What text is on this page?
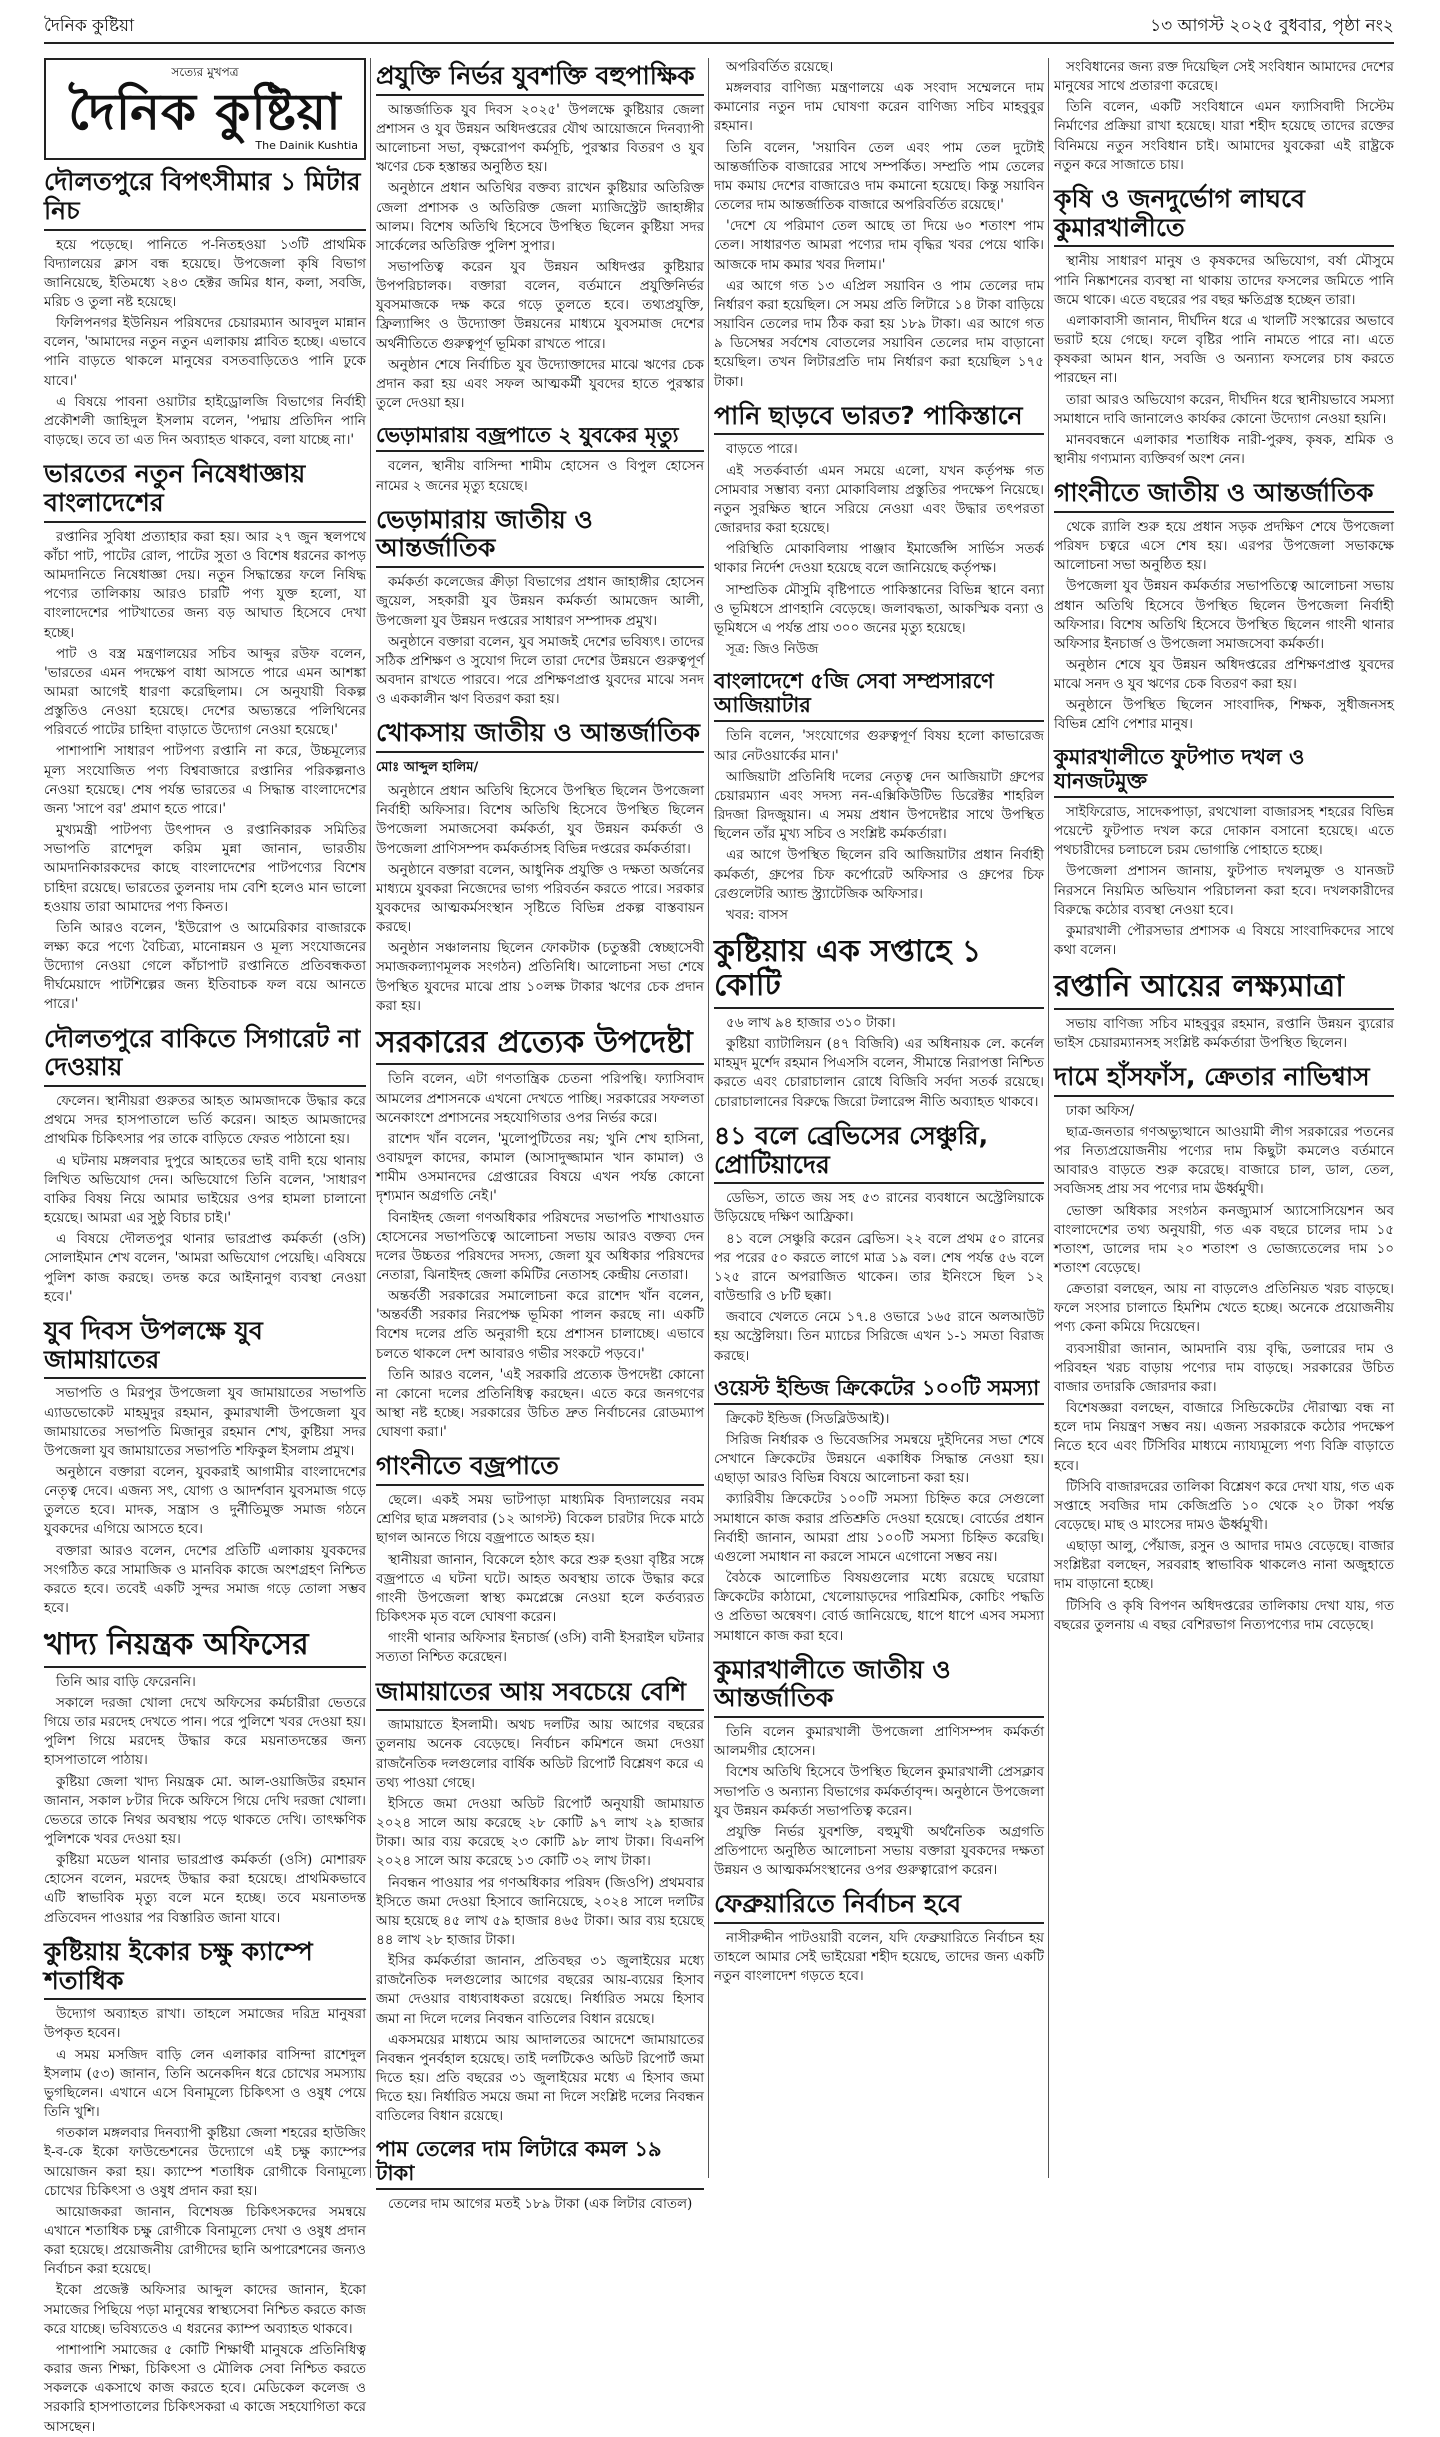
দৈনিক কুষ্টিয়া	১৩ আগস্ট ২০২৫ বুধবার, পৃষ্ঠা নং২
সত্যের মুখপত্র
দৈনিক কুষ্টিয়া
The Dainik Kushtia
দৌলতপুরে বিপৎসীমার ১ মিটার নিচ

হয়ে পড়েছে। পানিতে প-নিতহওয়া ১৩টি প্রাথমিক বিদ্যালয়ের ক্লাস বন্ধ হয়েছে। উপজেলা কৃষি বিভাগ জানিয়েছে, ইতিমধ্যে ২৪৩ হেক্টর জমির ধান, কলা, সবজি, মরিচ ও তুলা নষ্ট হয়েছে।

ফিলিপনগর ইউনিয়ন পরিষদের চেয়ারম্যান আবদুল মান্নান বলেন, 'আমাদের নতুন নতুন এলাকায় প্লাবিত হচ্ছে। এভাবে পানি বাড়তে থাকলে মানুষের বসতবাড়িতেও পানি ঢুকে যাবে।'

এ বিষয়ে পাবনা ওয়াটার হাইড্রোলজি বিভাগের নির্বাহী প্রকৌশলী জাহিদুল ইসলাম বলেন, 'পদ্মায় প্রতিদিন পানি বাড়ছে। তবে তা এত দিন অব্যাহত থাকবে, বলা যাচ্ছে না।'

ভারতের নতুন নিষেধাজ্ঞায় বাংলাদেশের

রপ্তানির সুবিধা প্রত্যাহার করা হয়। আর ২৭ জুন স্থলপথে কাঁচা পাট, পাটের রোল, পাটের সুতা ও বিশেষ ধরনের কাপড় আমদানিতে নিষেধাজ্ঞা দেয়। নতুন সিদ্ধান্তের ফলে নিষিদ্ধ পণ্যের তালিকায় আরও চারটি পণ্য যুক্ত হলো, যা বাংলাদেশের পাটখাতের জন্য বড় আঘাত হিসেবে দেখা হচ্ছে।

পাট ও বস্ত্র মন্ত্রণালয়ের সচিব আব্দুর রউফ বলেন, 'ভারতের এমন পদক্ষেপ বাধা আসতে পারে এমন আশঙ্কা আমরা আগেই ধারণা করেছিলাম। সে অনুযায়ী বিকল্প প্রস্তুতিও নেওয়া হয়েছে। দেশের অভ্যন্তরে পলিথিনের পরিবর্তে পাটের চাহিদা বাড়াতে উদ্যোগ নেওয়া হয়েছে।'

পাশাপাশি সাধারণ পাটপণ্য রপ্তানি না করে, উচ্চমূল্যের মূল্য সংযোজিত পণ্য বিশ্ববাজারে রপ্তানির পরিকল্পনাও নেওয়া হয়েছে। শেষ পর্যন্ত ভারতের এ সিদ্ধান্ত বাংলাদেশের জন্য 'সাপে বর' প্রমাণ হতে পারে।'

মুখ্যমন্ত্রী পাটপণ্য উৎপাদন ও রপ্তানিকারক সমিতির সভাপতি রাশেদুল করিম মুন্না জানান, ভারতীয় আমদানিকারকদের কাছে বাংলাদেশের পাটপণ্যের বিশেষ চাহিদা রয়েছে। ভারতের তুলনায় দাম বেশি হলেও মান ভালো হওয়ায় তারা আমাদের পণ্য কিনত।

তিনি আরও বলেন, 'ইউরোপ ও আমেরিকার বাজারকে লক্ষ্য করে পণ্যে বৈচিত্র্য, মানোন্নয়ন ও মূল্য সংযোজনের উদ্যোগ নেওয়া গেলে কাঁচাপাট রপ্তানিতে প্রতিবন্ধকতা দীর্ঘমেয়াদে পাটশিল্পের জন্য ইতিবাচক ফল বয়ে আনতে পারে।'

দৌলতপুরে বাকিতে সিগারেট না দেওয়ায়

ফেলেন। স্থানীয়রা গুরুতর আহত আমজাদকে উদ্ধার করে প্রথমে সদর হাসপাতালে ভর্তি করেন। আহত আমজাদের প্রাথমিক চিকিৎসার পর তাকে বাড়িতে ফেরত পাঠানো হয়।

এ ঘটনায় মঙ্গলবার দুপুরে আহতের ভাই বাদী হয়ে থানায় লিখিত অভিযোগ দেন। অভিযোগে তিনি বলেন, 'সাধারণ বাকির বিষয় নিয়ে আমার ভাইয়ের ওপর হামলা চালানো হয়েছে। আমরা এর সুষ্ঠু বিচার চাই।'

এ বিষয়ে দৌলতপুর থানার ভারপ্রাপ্ত কর্মকর্তা (ওসি) সোলাইমান শেখ বলেন, 'আমরা অভিযোগ পেয়েছি। এবিষয়ে পুলিশ কাজ করছে। তদন্ত করে আইনানুগ ব্যবস্থা নেওয়া হবে।'

যুব দিবস উপলক্ষে যুব জামায়াতের

সভাপতি ও মিরপুর উপজেলা যুব জামায়াতের সভাপতি এ্যাডভোকেট মাহমুদুর রহমান, কুমারখালী উপজেলা যুব জামায়াতের সভাপতি মিজানুর রহমান শেখ, কুষ্টিয়া সদর উপজেলা যুব জামায়াতের সভাপতি শফিকুল ইসলাম প্রমুখ।

অনুষ্ঠানে বক্তারা বলেন, যুবকরাই আগামীর বাংলাদেশের নেতৃত্ব দেবে। এজন্য সৎ, যোগ্য ও আদর্শবান যুবসমাজ গড়ে তুলতে হবে। মাদক, সন্ত্রাস ও দুর্নীতিমুক্ত সমাজ গঠনে যুবকদের এগিয়ে আসতে হবে।

বক্তারা আরও বলেন, দেশের প্রতিটি এলাকায় যুবকদের সংগঠিত করে সামাজিক ও মানবিক কাজে অংশগ্রহণ নিশ্চিত করতে হবে। তবেই একটি সুন্দর সমাজ গড়ে তোলা সম্ভব হবে।

খাদ্য নিয়ন্ত্রক অফিসের

তিনি আর বাড়ি ফেরেননি।

সকালে দরজা খোলা দেখে অফিসের কর্মচারীরা ভেতরে গিয়ে তার মরদেহ দেখতে পান। পরে পুলিশে খবর দেওয়া হয়। পুলিশ গিয়ে মরদেহ উদ্ধার করে ময়নাতদন্তের জন্য হাসপাতালে পাঠায়।

কুষ্টিয়া জেলা খাদ্য নিয়ন্ত্রক মো. আল-ওয়াজিউর রহমান জানান, সকাল ৮টার দিকে অফিসে গিয়ে দেখি দরজা খোলা। ভেতরে তাকে নিথর অবস্থায় পড়ে থাকতে দেখি। তাৎক্ষণিক পুলিশকে খবর দেওয়া হয়।

কুষ্টিয়া মডেল থানার ভারপ্রাপ্ত কর্মকর্তা (ওসি) মোশারফ হোসেন বলেন, মরদেহ উদ্ধার করা হয়েছে। প্রাথমিকভাবে এটি স্বাভাবিক মৃত্যু বলে মনে হচ্ছে। তবে ময়নাতদন্ত প্রতিবেদন পাওয়ার পর বিস্তারিত জানা যাবে।

কুষ্টিয়ায় ইকোর চক্ষু ক্যাম্পে শতাধিক

উদ্যোগ অব্যাহত রাখা। তাহলে সমাজের দরিদ্র মানুষরা উপকৃত হবেন।

এ সময় মসজিদ বাড়ি লেন এলাকার বাসিন্দা রাশেদুল ইসলাম (৫৩) জানান, তিনি অনেকদিন ধরে চোখের সমস্যায় ভুগছিলেন। এখানে এসে বিনামূল্যে চিকিৎসা ও ওষুধ পেয়ে তিনি খুশি।

গতকাল মঙ্গলবার দিনব্যাপী কুষ্টিয়া জেলা শহরের হাউজিং ই-ব-কে ইকো ফাউন্ডেশনের উদ্যোগে এই চক্ষু ক্যাম্পের আয়োজন করা হয়। ক্যাম্পে শতাধিক রোগীকে বিনামূল্যে চোখের চিকিৎসা ও ওষুধ প্রদান করা হয়।

আয়োজকরা জানান, বিশেষজ্ঞ চিকিৎসকদের সমন্বয়ে এখানে শতাধিক চক্ষু রোগীকে বিনামূল্যে দেখা ও ওষুধ প্রদান করা হয়েছে। প্রয়োজনীয় রোগীদের ছানি অপারেশনের জন্যও নির্বাচন করা হয়েছে।

ইকো প্রজেক্ট অফিসার আব্দুল কাদের জানান, ইকো সমাজের পিছিয়ে পড়া মানুষের স্বাস্থ্যসেবা নিশ্চিত করতে কাজ করে যাচ্ছে। ভবিষ্যতেও এ ধরনের ক্যাম্প অব্যাহত থাকবে।

পাশাপাশি সমাজের ৫ কোটি শিক্ষার্থী মানুষকে প্রতিনিধিত্ব করার জন্য শিক্ষা, চিকিৎসা ও মৌলিক সেবা নিশ্চিত করতে সকলকে একসাথে কাজ করতে হবে। মেডিকেল কলেজ ও সরকারি হাসপাতালের চিকিৎসকরা এ কাজে সহযোগিতা করে আসছেন।

প্রযুক্তি নির্ভর যুবশক্তি বহুপাক্ষিক

আন্তর্জাতিক যুব দিবস ২০২৫' উপলক্ষে কুষ্টিয়ার জেলা প্রশাসন ও যুব উন্নয়ন অধিদপ্তরের যৌথ আয়োজনে দিনব্যাপী আলোচনা সভা, বৃক্ষরোপণ কর্মসূচি, পুরস্কার বিতরণ ও যুব ঋণের চেক হস্তান্তর অনুষ্ঠিত হয়।

অনুষ্ঠানে প্রধান অতিথির বক্তব্য রাখেন কুষ্টিয়ার অতিরিক্ত জেলা প্রশাসক ও অতিরিক্ত জেলা ম্যাজিস্ট্রেট জাহাঙ্গীর আলম। বিশেষ অতিথি হিসেবে উপস্থিত ছিলেন কুষ্টিয়া সদর সার্কেলের অতিরিক্ত পুলিশ সুপার।

সভাপতিত্ব করেন যুব উন্নয়ন অধিদপ্তর কুষ্টিয়ার উপপরিচালক। বক্তারা বলেন, বর্তমানে প্রযুক্তিনির্ভর যুবসমাজকে দক্ষ করে গড়ে তুলতে হবে। তথ্যপ্রযুক্তি, ফ্রিল্যান্সিং ও উদ্যোক্তা উন্নয়নের মাধ্যমে যুবসমাজ দেশের অর্থনীতিতে গুরুত্বপূর্ণ ভূমিকা রাখতে পারে।

অনুষ্ঠান শেষে নির্বাচিত যুব উদ্যোক্তাদের মাঝে ঋণের চেক প্রদান করা হয় এবং সফল আত্মকর্মী যুবদের হাতে পুরস্কার তুলে দেওয়া হয়।

ভেড়ামারায় বজ্রপাতে ২ যুবকের মৃত্যু

বলেন, স্থানীয় বাসিন্দা শামীম হোসেন ও বিপুল হোসেন নামের ২ জনের মৃত্যু হয়েছে।

ভেড়ামারায় জাতীয় ও আন্তর্জাতিক

কর্মকর্তা কলেজের ক্রীড়া বিভাগের প্রধান জাহাঙ্গীর হোসেন জুয়েল, সহকারী যুব উন্নয়ন কর্মকর্তা আমজেদ আলী, উপজেলা যুব উন্নয়ন দপ্তরের সাধারণ সম্পাদক প্রমুখ।

অনুষ্ঠানে বক্তারা বলেন, যুব সমাজই দেশের ভবিষ্যৎ। তাদের সঠিক প্রশিক্ষণ ও সুযোগ দিলে তারা দেশের উন্নয়নে গুরুত্বপূর্ণ অবদান রাখতে পারবে। পরে প্রশিক্ষণপ্রাপ্ত যুবদের মাঝে সনদ ও এককালীন ঋণ বিতরণ করা হয়।

খোকসায় জাতীয় ও আন্তর্জাতিক
মোঃ আব্দুল হালিম/

অনুষ্ঠানে প্রধান অতিথি হিসেবে উপস্থিত ছিলেন উপজেলা নির্বাহী অফিসার। বিশেষ অতিথি হিসেবে উপস্থিত ছিলেন উপজেলা সমাজসেবা কর্মকর্তা, যুব উন্নয়ন কর্মকর্তা ও উপজেলা প্রাণিসম্পদ কর্মকর্তাসহ বিভিন্ন দপ্তরের কর্মকর্তারা।

অনুষ্ঠানে বক্তারা বলেন, আধুনিক প্রযুক্তি ও দক্ষতা অর্জনের মাধ্যমে যুবকরা নিজেদের ভাগ্য পরিবর্তন করতে পারে। সরকার যুবকদের আত্মকর্মসংস্থান সৃষ্টিতে বিভিন্ন প্রকল্প বাস্তবায়ন করছে।

অনুষ্ঠান সঞ্চালনায় ছিলেন ফোকটাক (চতুস্তরী স্বেচ্ছাসেবী সমাজকল্যাণমূলক সংগঠন) প্রতিনিধি। আলোচনা সভা শেষে উপস্থিত যুবদের মাঝে প্রায় ১০লক্ষ টাকার ঋণের চেক প্রদান করা হয়।

সরকারের প্রত্যেক উপদেষ্টা

তিনি বলেন, এটা গণতান্ত্রিক চেতনা পরিপন্থি। ফ্যাসিবাদ আমলের প্রশাসনকে এখনো দেখতে পাচ্ছি। সরকারের সফলতা অনেকাংশে প্রশাসনের সহযোগিতার ওপর নির্ভর করে।

রাশেদ খাঁন বলেন, 'মুলোপুটিতের নয়; খুনি শেখ হাসিনা, ওবায়দুল কাদের, কামাল (আসাদুজ্জামান খান কামাল) ও শামীম ওসমানদের গ্রেপ্তারের বিষয়ে এখন পর্যন্ত কোনো দৃশ্যমান অগ্রগতি নেই।'

বিনাইদহ জেলা গণঅধিকার পরিষদের সভাপতি শাখাওয়াত হোসেনের সভাপতিত্বে আলোচনা সভায় আরও বক্তব্য দেন দলের উচ্চতর পরিষদের সদস্য, জেলা যুব অধিকার পরিষদের নেতারা, ঝিনাইদহ জেলা কমিটির নেতাসহ কেন্দ্রীয় নেতারা।

অন্তর্বর্তী সরকারের সমালোচনা করে রাশেদ খাঁন বলেন, 'অন্তর্বর্তী সরকার নিরপেক্ষ ভূমিকা পালন করছে না। একটি বিশেষ দলের প্রতি অনুরাগী হয়ে প্রশাসন চালাচ্ছে। এভাবে চলতে থাকলে দেশ আবারও গভীর সংকটে পড়বে।'

তিনি আরও বলেন, 'এই সরকারি প্রত্যেক উপদেষ্টা কোনো না কোনো দলের প্রতিনিধিত্ব করছেন। এতে করে জনগণের আস্থা নষ্ট হচ্ছে। সরকারের উচিত দ্রুত নির্বাচনের রোডম্যাপ ঘোষণা করা।'

গাংনীতে বজ্রপাতে

ছেলে। একই সময় ভাটপাড়া মাধ্যমিক বিদ্যালয়ের নবম শ্রেণির ছাত্র মঙ্গলবার (১২ আগস্ট) বিকেল চারটার দিকে মাঠে ছাগল আনতে গিয়ে বজ্রপাতে আহত হয়।

স্থানীয়রা জানান, বিকেলে হঠাৎ করে শুরু হওয়া বৃষ্টির সঙ্গে বজ্রপাতে এ ঘটনা ঘটে। আহত অবস্থায় তাকে উদ্ধার করে গাংনী উপজেলা স্বাস্থ্য কমপ্লেক্সে নেওয়া হলে কর্তব্যরত চিকিৎসক মৃত বলে ঘোষণা করেন।

গাংনী থানার অফিসার ইনচার্জ (ওসি) বানী ইসরাইল ঘটনার সত্যতা নিশ্চিত করেছেন।

জামায়াতের আয় সবচেয়ে বেশি

জামায়াতে ইসলামী। অথচ দলটির আয় আগের বছরের তুলনায় অনেক বেড়েছে। নির্বাচন কমিশনে জমা দেওয়া রাজনৈতিক দলগুলোর বার্ষিক অডিট রিপোর্ট বিশ্লেষণ করে এ তথ্য পাওয়া গেছে।

ইসিতে জমা দেওয়া অডিট রিপোর্ট অনুযায়ী জামায়াত ২০২৪ সালে আয় করেছে ২৮ কোটি ৯৭ লাখ ২৯ হাজার টাকা। আর ব্যয় করেছে ২৩ কোটি ৯৮ লাখ টাকা। বিএনপি ২০২৪ সালে আয় করেছে ১৩ কোটি ৩২ লাখ টাকা।

নিবন্ধন পাওয়ার পর গণঅধিকার পরিষদ (জিওপি) প্রথমবার ইসিতে জমা দেওয়া হিসাবে জানিয়েছে, ২০২৪ সালে দলটির আয় হয়েছে ৪৫ লাখ ৫৯ হাজার ৪৬৫ টাকা। আর ব্যয় হয়েছে ৪৪ লাখ ২৮ হাজার টাকা।

ইসির কর্মকর্তারা জানান, প্রতিবছর ৩১ জুলাইয়ের মধ্যে রাজনৈতিক দলগুলোর আগের বছরের আয়-ব্যয়ের হিসাব জমা দেওয়ার বাধ্যবাধকতা রয়েছে। নির্ধারিত সময়ে হিসাব জমা না দিলে দলের নিবন্ধন বাতিলের বিধান রয়েছে।

একসময়ের মাধ্যমে আয় আদালতের আদেশে জামায়াতের নিবন্ধন পুনর্বহাল হয়েছে। তাই দলটিকেও অডিট রিপোর্ট জমা দিতে হয়। প্রতি বছরের ৩১ জুলাইয়ের মধ্যে এ হিসাব জমা দিতে হয়। নির্ধারিত সময়ে জমা না দিলে সংশ্লিষ্ট দলের নিবন্ধন বাতিলের বিধান রয়েছে।

পাম তেলের দাম লিটারে কমল ১৯ টাকা

তেলের দাম আগের মতই ১৮৯ টাকা (এক লিটার বোতল)

অপরিবর্তিত রয়েছে।

মঙ্গলবার বাণিজ্য মন্ত্রণালয়ে এক সংবাদ সম্মেলনে দাম কমানোর নতুন দাম ঘোষণা করেন বাণিজ্য সচিব মাহবুবুর রহমান।

তিনি বলেন, 'সয়াবিন তেল এবং পাম তেল দুটোই আন্তর্জাতিক বাজারের সাথে সম্পর্কিত। সম্প্রতি পাম তেলের দাম কমায় দেশের বাজারেও দাম কমানো হয়েছে। কিন্তু সয়াবিন তেলের দাম আন্তর্জাতিক বাজারে অপরিবর্তিত রয়েছে।'

'দেশে যে পরিমাণ তেল আছে তা দিয়ে ৬০ শতাংশ পাম তেল। সাধারণত আমরা পণ্যের দাম বৃদ্ধির খবর পেয়ে থাকি। আজকে দাম কমার খবর দিলাম।'

এর আগে গত ১৩ এপ্রিল সয়াবিন ও পাম তেলের দাম নির্ধারণ করা হয়েছিল। সে সময় প্রতি লিটারে ১৪ টাকা বাড়িয়ে সয়াবিন তেলের দাম ঠিক করা হয় ১৮৯ টাকা। এর আগে গত ৯ ডিসেম্বর সর্বশেষ বোতলের সয়াবিন তেলের দাম বাড়ানো হয়েছিল। তখন লিটারপ্রতি দাম নির্ধারণ করা হয়েছিল ১৭৫ টাকা।

পানি ছাড়বে ভারত? পাকিস্তানে

বাড়তে পারে।

এই সতর্কবার্তা এমন সময়ে এলো, যখন কর্তৃপক্ষ গত সোমবার সম্ভাব্য বন্যা মোকাবিলায় প্রস্তুতির পদক্ষেপ নিয়েছে। নতুন সুরক্ষিত স্থানে সরিয়ে নেওয়া এবং উদ্ধার তৎপরতা জোরদার করা হয়েছে।

পরিস্থিতি মোকাবিলায় পাঞ্জাব ইমার্জেন্সি সার্ভিস সতর্ক থাকার নির্দেশ দেওয়া হয়েছে বলে জানিয়েছে কর্তৃপক্ষ।

সাম্প্রতিক মৌসুমি বৃষ্টিপাতে পাকিস্তানের বিভিন্ন স্থানে বন্যা ও ভূমিধসে প্রাণহানি বেড়েছে। জলাবদ্ধতা, আকস্মিক বন্যা ও ভূমিধসে এ পর্যন্ত প্রায় ৩০০ জনের মৃত্যু হয়েছে।

সূত্র: জিও নিউজ

বাংলাদেশে ৫জি সেবা সম্প্রসারণে আজিয়াটার

তিনি বলেন, 'সংযোগের গুরুত্বপূর্ণ বিষয় হলো কাভারেজ আর নেটওয়ার্কের মান।'

আজিয়াটা প্রতিনিধি দলের নেতৃত্ব দেন আজিয়াটা গ্রুপের চেয়ারম্যান এবং সদস্য নন-এক্সিকিউটিভ ডিরেক্টর শাহরিল রিদজা রিদজুয়ান। এ সময় প্রধান উপদেষ্টার সাথে উপস্থিত ছিলেন তাঁর মুখ্য সচিব ও সংশ্লিষ্ট কর্মকর্তারা।

এর আগে উপস্থিত ছিলেন রবি আজিয়াটার প্রধান নির্বাহী কর্মকর্তা, গ্রুপের চিফ কর্পোরেট অফিসার ও গ্রুপের চিফ রেগুলেটরি অ্যান্ড স্ট্র্যাটেজিক অফিসার।

খবর: বাসস

কুষ্টিয়ায় এক সপ্তাহে ১ কোটি

৫৬ লাখ ৯৪ হাজার ৩১০ টাকা।

কুষ্টিয়া ব্যাটালিয়ন (৪৭ বিজিবি) এর অধিনায়ক লে. কর্নেল মাহমুদ মুর্শেদ রহমান পিএসসি বলেন, সীমান্তে নিরাপত্তা নিশ্চিত করতে এবং চোরাচালান রোধে বিজিবি সর্বদা সতর্ক রয়েছে। চোরাচালানের বিরুদ্ধে জিরো টলারেন্স নীতি অব্যাহত থাকবে।

৪১ বলে ব্রেভিসের সেঞ্চুরি, প্রোটিয়াদের

ডেভিস, তাতে জয় সহ ৫৩ রানের ব্যবধানে অস্ট্রেলিয়াকে উড়িয়েছে দক্ষিণ আফ্রিকা।

৪১ বলে সেঞ্চুরি করেন ব্রেভিস। ২২ বলে প্রথম ৫০ রানের পর পরের ৫০ করতে লাগে মাত্র ১৯ বল। শেষ পর্যন্ত ৫৬ বলে ১২৫ রানে অপরাজিত থাকেন। তার ইনিংসে ছিল ১২ বাউন্ডারি ও ৮টি ছক্কা।

জবাবে খেলতে নেমে ১৭.৪ ওভারে ১৬৫ রানে অলআউট হয় অস্ট্রেলিয়া। তিন ম্যাচের সিরিজে এখন ১-১ সমতা বিরাজ করছে।

ওয়েস্ট ইন্ডিজ ক্রিকেটের ১০০টি সমস্যা

ক্রিকেট ইন্ডিজ (সিডব্লিউআই)।

সিরিজ নির্ধারক ও ভিবেজসির সমন্বয়ে দুইদিনের সভা শেষে সেখানে ক্রিকেটের উন্নয়নে একাধিক সিদ্ধান্ত নেওয়া হয়। এছাড়া আরও বিভিন্ন বিষয়ে আলোচনা করা হয়।

ক্যারিবীয় ক্রিকেটের ১০০টি সমস্যা চিহ্নিত করে সেগুলো সমাধানে কাজ করার প্রতিশ্রুতি দেওয়া হয়েছে। বোর্ডের প্রধান নির্বাহী জানান, আমরা প্রায় ১০০টি সমস্যা চিহ্নিত করেছি। এগুলো সমাধান না করলে সামনে এগোনো সম্ভব নয়।

বৈঠকে আলোচিত বিষয়গুলোর মধ্যে রয়েছে ঘরোয়া ক্রিকেটের কাঠামো, খেলোয়াড়দের পারিশ্রমিক, কোচিং পদ্ধতি ও প্রতিভা অন্বেষণ। বোর্ড জানিয়েছে, ধাপে ধাপে এসব সমস্যা সমাধানে কাজ করা হবে।

কুমারখালীতে জাতীয় ও আন্তর্জাতিক

তিনি বলেন কুমারখালী উপজেলা প্রাণিসম্পদ কর্মকর্তা আলমগীর হোসেন।

বিশেষ অতিথি হিসেবে উপস্থিত ছিলেন কুমারখালী প্রেসক্লাব সভাপতি ও অন্যান্য বিভাগের কর্মকর্তাবৃন্দ। অনুষ্ঠানে উপজেলা যুব উন্নয়ন কর্মকর্তা সভাপতিত্ব করেন।

প্রযুক্তি নির্ভর যুবশক্তি, বহুমুখী অর্থনৈতিক অগ্রগতি প্রতিপাদ্যে অনুষ্ঠিত আলোচনা সভায় বক্তারা যুবকদের দক্ষতা উন্নয়ন ও আত্মকর্মসংস্থানের ওপর গুরুত্বারোপ করেন।

ফেব্রুয়ারিতে নির্বাচন হবে

নাসীরুদ্দীন পাটওয়ারী বলেন, যদি ফেব্রুয়ারিতে নির্বাচন হয় তাহলে আমার সেই ভাইয়েরা শহীদ হয়েছে, তাদের জন্য একটি নতুন বাংলাদেশ গড়তে হবে।

সংবিধানের জন্য রক্ত দিয়েছিল সেই সংবিধান আমাদের দেশের মানুষের সাথে প্রতারণা করেছে।

তিনি বলেন, একটি সংবিধানে এমন ফ্যাসিবাদী সিস্টেম নির্মাণের প্রক্রিয়া রাখা হয়েছে। যারা শহীদ হয়েছে তাদের রক্তের বিনিময়ে নতুন সংবিধান চাই। আমাদের যুবকেরা এই রাষ্ট্রকে নতুন করে সাজাতে চায়।

কৃষি ও জনদুর্ভোগ লাঘবে কুমারখালীতে

স্থানীয় সাধারণ মানুষ ও কৃষকদের অভিযোগ, বর্ষা মৌসুমে পানি নিষ্কাশনের ব্যবস্থা না থাকায় তাদের ফসলের জমিতে পানি জমে থাকে। এতে বছরের পর বছর ক্ষতিগ্রস্ত হচ্ছেন তারা।

এলাকাবাসী জানান, দীর্ঘদিন ধরে এ খালটি সংস্কারের অভাবে ভরাট হয়ে গেছে। ফলে বৃষ্টির পানি নামতে পারে না। এতে কৃষকরা আমন ধান, সবজি ও অন্যান্য ফসলের চাষ করতে পারছেন না।

তারা আরও অভিযোগ করেন, দীর্ঘদিন ধরে স্থানীয়ভাবে সমস্যা সমাধানে দাবি জানালেও কার্যকর কোনো উদ্যোগ নেওয়া হয়নি।

মানববন্ধনে এলাকার শতাধিক নারী-পুরুষ, কৃষক, শ্রমিক ও স্থানীয় গণ্যমান্য ব্যক্তিবর্গ অংশ নেন।

গাংনীতে জাতীয় ও আন্তর্জাতিক

থেকে র‍্যালি শুরু হয়ে প্রধান সড়ক প্রদক্ষিণ শেষে উপজেলা পরিষদ চত্বরে এসে শেষ হয়। এরপর উপজেলা সভাকক্ষে আলোচনা সভা অনুষ্ঠিত হয়।

উপজেলা যুব উন্নয়ন কর্মকর্তার সভাপতিত্বে আলোচনা সভায় প্রধান অতিথি হিসেবে উপস্থিত ছিলেন উপজেলা নির্বাহী অফিসার। বিশেষ অতিথি হিসেবে উপস্থিত ছিলেন গাংনী থানার অফিসার ইনচার্জ ও উপজেলা সমাজসেবা কর্মকর্তা।

অনুষ্ঠান শেষে যুব উন্নয়ন অধিদপ্তরের প্রশিক্ষণপ্রাপ্ত যুবদের মাঝে সনদ ও যুব ঋণের চেক বিতরণ করা হয়।

অনুষ্ঠানে উপস্থিত ছিলেন সাংবাদিক, শিক্ষক, সুধীজনসহ বিভিন্ন শ্রেণি পেশার মানুষ।

কুমারখালীতে ফুটপাত দখল ও যানজটমুক্ত

সাইফিরোড, সাদেকপাড়া, রথখোলা বাজারসহ শহরের বিভিন্ন পয়েন্টে ফুটপাত দখল করে দোকান বসানো হয়েছে। এতে পথচারীদের চলাচলে চরম ভোগান্তি পোহাতে হচ্ছে।

উপজেলা প্রশাসন জানায়, ফুটপাত দখলমুক্ত ও যানজট নিরসনে নিয়মিত অভিযান পরিচালনা করা হবে। দখলকারীদের বিরুদ্ধে কঠোর ব্যবস্থা নেওয়া হবে।

কুমারখালী পৌরসভার প্রশাসক এ বিষয়ে সাংবাদিকদের সাথে কথা বলেন।

রপ্তানি আয়ের লক্ষ্যমাত্রা

সভায় বাণিজ্য সচিব মাহবুবুর রহমান, রপ্তানি উন্নয়ন ব্যুরোর ভাইস চেয়ারম্যানসহ সংশ্লিষ্ট কর্মকর্তারা উপস্থিত ছিলেন।

দামে হাঁসফাঁস, ক্রেতার নাভিশ্বাস

ঢাকা অফিস/

ছাত্র-জনতার গণঅভ্যুত্থানে আওয়ামী লীগ সরকারের পতনের পর নিত্যপ্রয়োজনীয় পণ্যের দাম কিছুটা কমলেও বর্তমানে আবারও বাড়তে শুরু করেছে। বাজারে চাল, ডাল, তেল, সবজিসহ প্রায় সব পণ্যের দাম ঊর্ধ্বমুখী।

ভোক্তা অধিকার সংগঠন কনজ্যুমার্স অ্যাসোসিয়েশন অব বাংলাদেশের তথ্য অনুযায়ী, গত এক বছরে চালের দাম ১৫ শতাংশ, ডালের দাম ২০ শতাংশ ও ভোজ্যতেলের দাম ১০ শতাংশ বেড়েছে।

ক্রেতারা বলছেন, আয় না বাড়লেও প্রতিনিয়ত খরচ বাড়ছে। ফলে সংসার চালাতে হিমশিম খেতে হচ্ছে। অনেকে প্রয়োজনীয় পণ্য কেনা কমিয়ে দিয়েছেন।

ব্যবসায়ীরা জানান, আমদানি ব্যয় বৃদ্ধি, ডলারের দাম ও পরিবহন খরচ বাড়ায় পণ্যের দাম বাড়ছে। সরকারের উচিত বাজার তদারকি জোরদার করা।

বিশেষজ্ঞরা বলছেন, বাজারে সিন্ডিকেটের দৌরাত্ম্য বন্ধ না হলে দাম নিয়ন্ত্রণ সম্ভব নয়। এজন্য সরকারকে কঠোর পদক্ষেপ নিতে হবে এবং টিসিবির মাধ্যমে ন্যায্যমূল্যে পণ্য বিক্রি বাড়াতে হবে।

টিসিবি বাজারদরের তালিকা বিশ্লেষণ করে দেখা যায়, গত এক সপ্তাহে সবজির দাম কেজিপ্রতি ১০ থেকে ২০ টাকা পর্যন্ত বেড়েছে। মাছ ও মাংসের দামও ঊর্ধ্বমুখী।

এছাড়া আলু, পেঁয়াজ, রসুন ও আদার দামও বেড়েছে। বাজার সংশ্লিষ্টরা বলছেন, সরবরাহ স্বাভাবিক থাকলেও নানা অজুহাতে দাম বাড়ানো হচ্ছে।

টিসিবি ও কৃষি বিপণন অধিদপ্তরের তালিকায় দেখা যায়, গত বছরের তুলনায় এ বছর বেশিরভাগ নিত্যপণ্যের দাম বেড়েছে।
